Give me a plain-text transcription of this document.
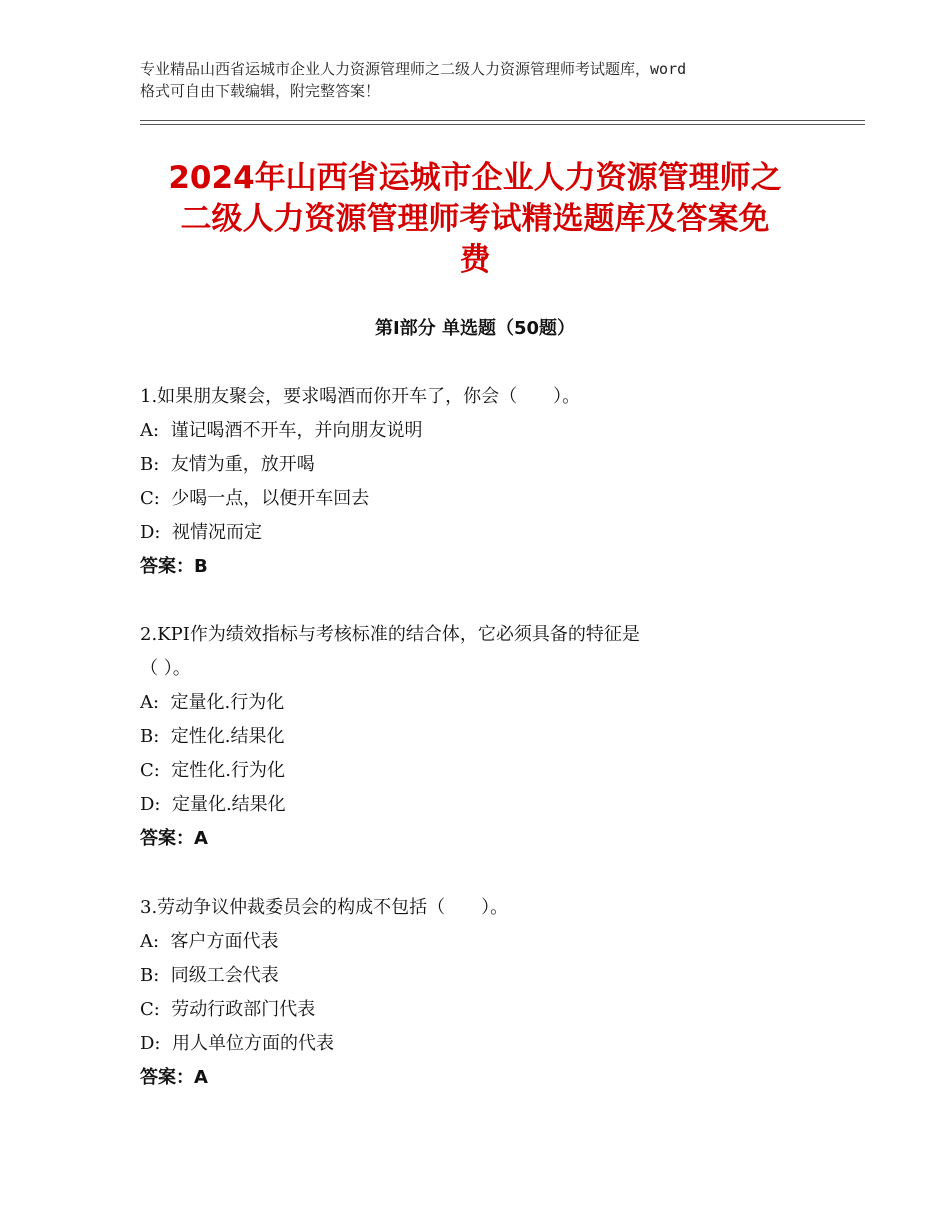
专业精品山西省运城市企业人力资源管理师之二级人力资源管理师考试题库，word
格式可自由下载编辑，附完整答案！
2024年山西省运城市企业人力资源管理师之
二级人力资源管理师考试精选题库及答案免
费
第Ⅰ部分 单选题（50题）

1.如果朋友聚会，要求喝酒而你开车了，你会（　　）。

A:  谨记喝酒不开车，并向朋友说明

B:  友情为重，放开喝

C:  少喝一点，以便开车回去

D:  视情况而定

答案：B

2.KPI作为绩效指标与考核标准的结合体，它必须具备的特征是

（ ）。

A:  定量化.行为化

B:  定性化.结果化

C:  定性化.行为化

D:  定量化.结果化

答案：A

3.劳动争议仲裁委员会的构成不包括（　　）。

A:  客户方面代表

B:  同级工会代表

C:  劳动行政部门代表

D:  用人单位方面的代表

答案：A
